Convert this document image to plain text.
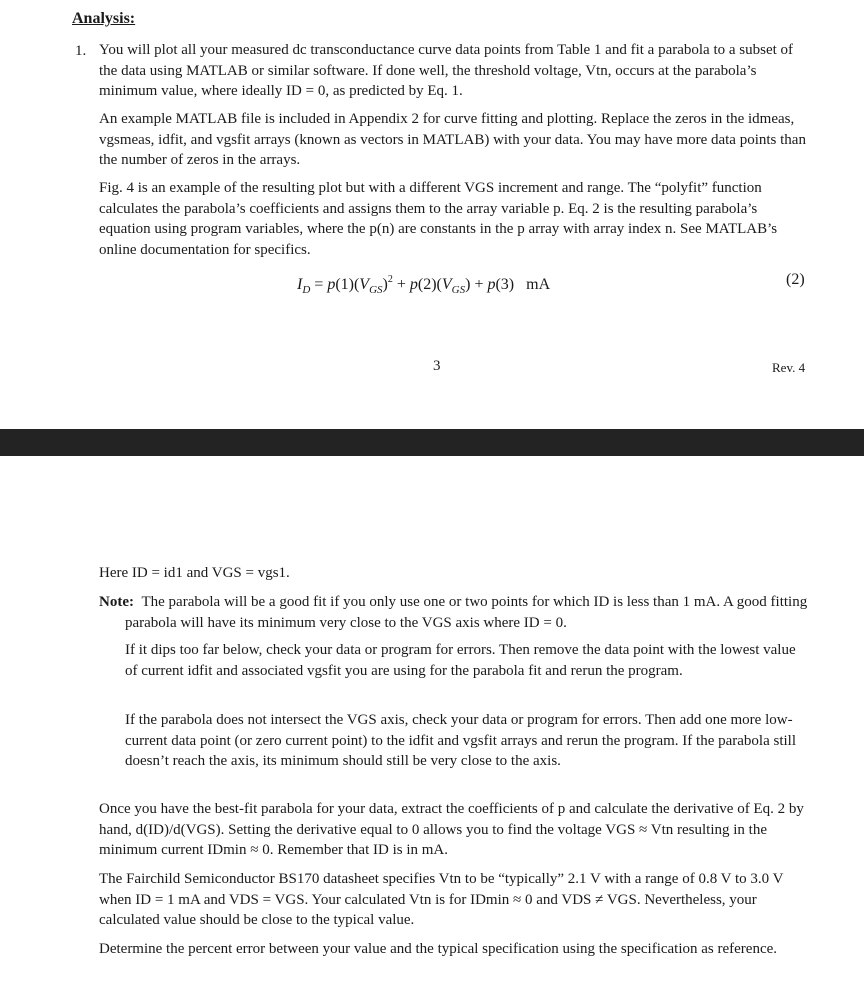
Analysis:
1. You will plot all your measured dc transconductance curve data points from Table 1 and fit a parabola to a subset of the data using MATLAB or similar software. If done well, the threshold voltage, Vtn, occurs at the parabola’s minimum value, where ideally ID = 0, as predicted by Eq. 1.
An example MATLAB file is included in Appendix 2 for curve fitting and plotting. Replace the zeros in the idmeas, vgsmeas, idfit, and vgsfit arrays (known as vectors in MATLAB) with your data. You may have more data points than the number of zeros in the arrays.
Fig. 4 is an example of the resulting plot but with a different VGS increment and range. The “polyfit” function calculates the parabola’s coefficients and assigns them to the array variable p. Eq. 2 is the resulting parabola’s equation using program variables, where the p(n) are constants in the p array with array index n. See MATLAB’s online documentation for specifics.
$I_D = p(1)(V_{GS})^2 + p(2)(V_{GS}) + p(3)$   mA	(2)
3	Rev. 4
Here ID = id1 and VGS = vgs1.
Note: The parabola will be a good fit if you only use one or two points for which ID is less than 1 mA. A good fitting parabola will have its minimum very close to the VGS axis where ID = 0.
If it dips too far below, check your data or program for errors. Then remove the data point with the lowest value of current idfit and associated vgsfit you are using for the parabola fit and rerun the program.
If the parabola does not intersect the VGS axis, check your data or program for errors. Then add one more low-current data point (or zero current point) to the idfit and vgsfit arrays and rerun the program. If the parabola still doesn’t reach the axis, its minimum should still be very close to the axis.
Once you have the best-fit parabola for your data, extract the coefficients of p and calculate the derivative of Eq. 2 by hand, d(ID)/d(VGS). Setting the derivative equal to 0 allows you to find the voltage VGS ≈ Vtn resulting in the minimum current IDmin ≈ 0. Remember that ID is in mA.
The Fairchild Semiconductor BS170 datasheet specifies Vtn to be “typically” 2.1 V with a range of 0.8 V to 3.0 V when ID = 1 mA and VDS = VGS. Your calculated Vtn is for IDmin ≈ 0 and VDS ≠ VGS. Nevertheless, your calculated value should be close to the typical value.
Determine the percent error between your value and the typical specification using the specification as reference.
